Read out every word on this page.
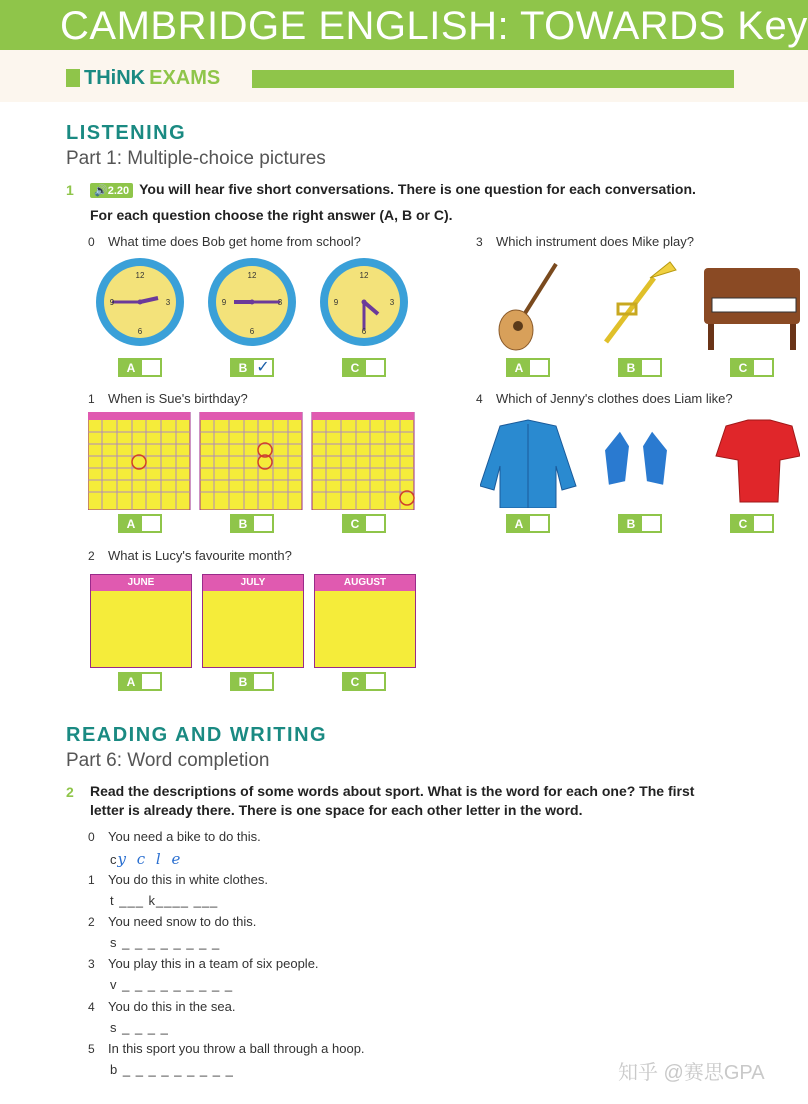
CAMBRIDGE ENGLISH: TOWARDS Key
THiNK EXAMS
LISTENING
Part 1: Multiple-choice pictures
1	🔊2.20 You will hear five short conversations. There is one question for each conversation.
For each question choose the right answer (A, B or C).
0 What time does Bob get home from school?
12
3
6
9
12
3
6
9
12
3
6
9
A	B ✓	C
3 Which instrument does Mike play?
A	B	C
1 When is Sue's birthday?
A	B	C
4 Which of Jenny's clothes does Liam like?
A	B	C
2 What is Lucy's favourite month?
JUNE	JULY	AUGUST
A	B	C
READING AND WRITING
Part 6: Word completion
2 Read the descriptions of some words about sport. What is the word for each one? The first
letter is already there. There is one space for each other letter in the word.
0 You need a bike to do this.
cy c l e
1 You do this in white clothes.
t ___ k____ ___
2 You need snow to do this.
s _ _ _ _ _ _ _ _
3 You play this in a team of six people.
v _ _ _ _ _ _ _ _ _
4 You do this in the sea.
s _ _ _ _
5 In this sport you throw a ball through a hoop.
b _ _ _ _ _ _ _ _ _	知乎 @赛思GPA
